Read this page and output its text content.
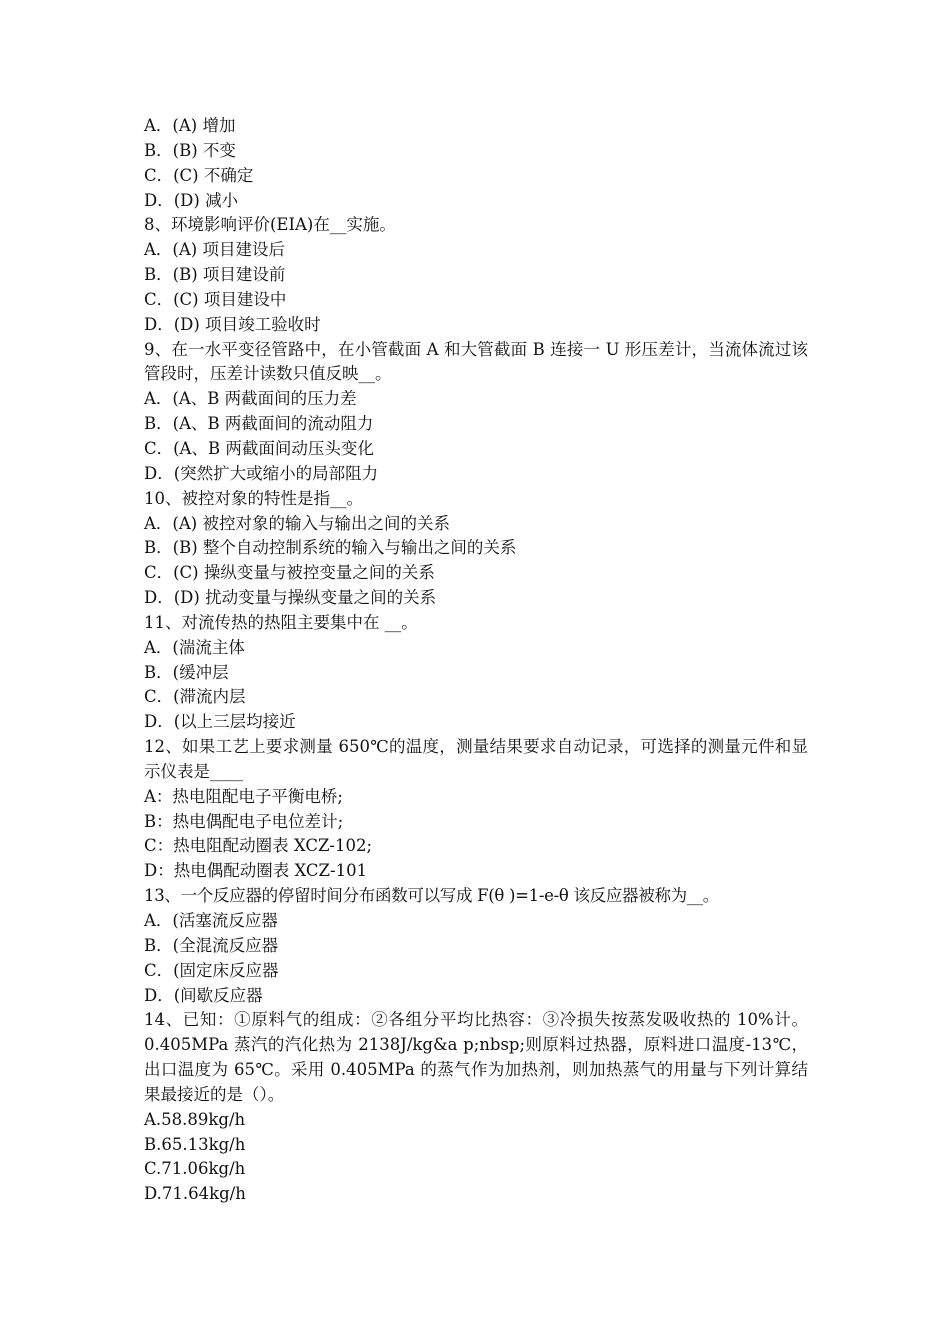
A．(A) 增加
B．(B) 不变
C．(C) 不确定
D．(D) 减小
8、环境影响评价(EIA)在__实施。
A．(A) 项目建设后
B．(B) 项目建设前
C．(C) 项目建设中
D．(D) 项目竣工验收时
9、在一水平变径管路中，在小管截面 A 和大管截面 B 连接一 U 形压差计，当流体流过该管段时，压差计读数只值反映__。
A．(A、B 两截面间的压力差
B．(A、B 两截面间的流动阻力
C．(A、B 两截面间动压头变化
D．(突然扩大或缩小的局部阻力
10、被控对象的特性是指__。
A．(A) 被控对象的输入与输出之间的关系
B．(B) 整个自动控制系统的输入与输出之间的关系
C．(C) 操纵变量与被控变量之间的关系
D．(D) 扰动变量与操纵变量之间的关系
11、对流传热的热阻主要集中在 __。
A．(湍流主体
B．(缓冲层
C．(滞流内层
D．(以上三层均接近
12、如果工艺上要求测量 650℃的温度，测量结果要求自动记录，可选择的测量元件和显示仪表是____
A：热电阻配电子平衡电桥;
B：热电偶配电子电位差计;
C：热电阻配动圈表 XCZ-102;
D：热电偶配动圈表 XCZ-101
13、一个反应器的停留时间分布函数可以写成 F(θ )=1-e-θ 该反应器被称为__。
A．(活塞流反应器
B．(全混流反应器
C．(固定床反应器
D．(间歇反应器
14、已知：①原料气的组成：②各组分平均比热容：③冷损失按蒸发吸收热的 10%计。0.405MPa 蒸汽的汽化热为 2138J/kg&a p;nbsp;则原料过热器，原料进口温度-13℃，出口温度为 65℃。采用 0.405MPa 的蒸气作为加热剂，则加热蒸气的用量与下列计算结果最接近的是（）。
A.58.89kg/h
B.65.13kg/h
C.71.06kg/h
D.71.64kg/h
